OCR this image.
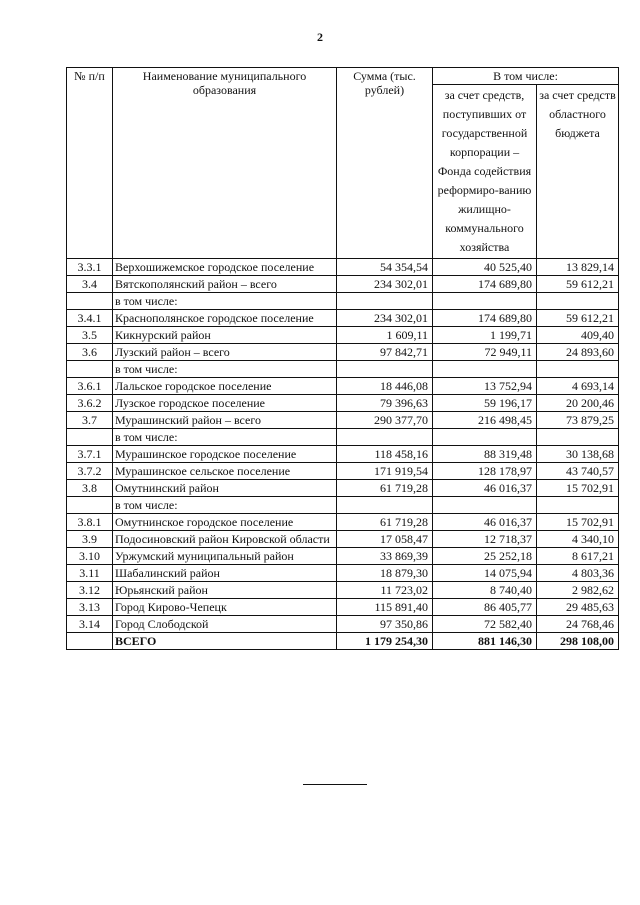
2
№ п/п	Наименование муниципального образования	Сумма (тыс. рублей)	В том числе:	
			за счет средств, поступивших от государственной корпорации – Фонда содействия реформиро-ванию жилищно-коммунального хозяйства	за счет средств областного бюджета
3.3.1	Верхошижемское городское поселение	54 354,54	40 525,40	13 829,14
3.4	Вятскополянский район – всего	234 302,01	174 689,80	59 612,21
	в том числе:			
3.4.1	Краснополянское городское поселение	234 302,01	174 689,80	59 612,21
3.5	Кикнурский район	1 609,11	1 199,71	409,40
3.6	Лузский район – всего	97 842,71	72 949,11	24 893,60
	в том числе:			
3.6.1	Лальское городское поселение	18 446,08	13 752,94	4 693,14
3.6.2	Лузское городское поселение	79 396,63	59 196,17	20 200,46
3.7	Мурашинский район – всего	290 377,70	216 498,45	73 879,25
	в том числе:			
3.7.1	Мурашинское городское поселение	118 458,16	88 319,48	30 138,68
3.7.2	Мурашинское сельское поселение	171 919,54	128 178,97	43 740,57
3.8	Омутнинский район	61 719,28	46 016,37	15 702,91
	в том числе:			
3.8.1	Омутнинское городское поселение	61 719,28	46 016,37	15 702,91
3.9	Подосиновский район Кировской области	17 058,47	12 718,37	4 340,10
3.10	Уржумский муниципальный район	33 869,39	25 252,18	8 617,21
3.11	Шабалинский район	18 879,30	14 075,94	4 803,36
3.12	Юрьянский район	11 723,02	8 740,40	2 982,62
3.13	Город Кирово-Чепецк	115 891,40	86 405,77	29 485,63
3.14	Город Слободской	97 350,86	72 582,40	24 768,46
	ВСЕГО	1 179 254,30	881 146,30	298 108,00
